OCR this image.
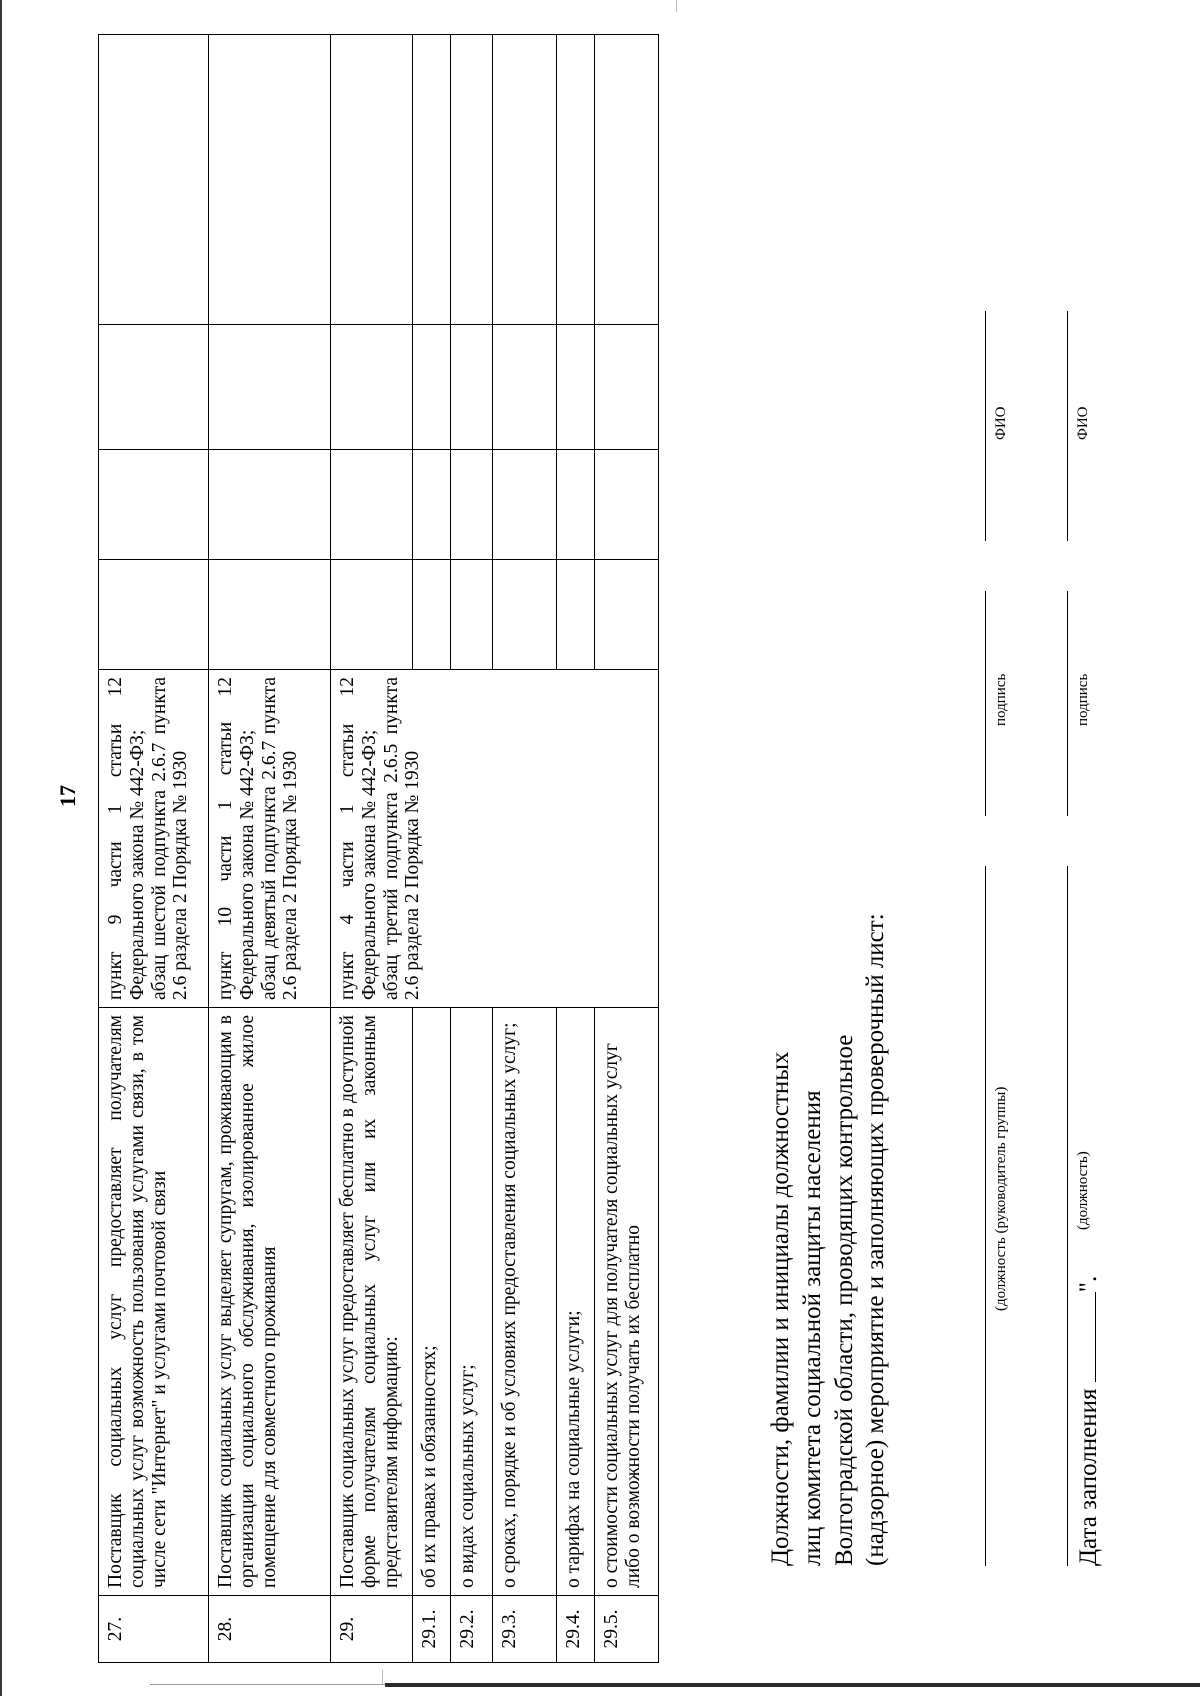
17
27.	Поставщик социальных услуг предоставляет получателям социальных услуг возможность пользования услугами связи, в том числе сети "Интернет" и услугами почтовой связи	пункт 9 части 1 статьи 12 Федерального закона № 442-ФЗ; абзац шестой подпункта 2.6.7 пункта 2.6 раздела 2 Порядка № 1930				

28.	Поставщик социальных услуг выделяет супругам, проживающим в организации социального обслуживания, изолированное жилое помещение для совместного проживания	пункт 10 части 1 статьи 12 Федерального закона № 442-ФЗ; абзац девятый подпункта 2.6.7 пункта 2.6 раздела 2 Порядка № 1930				

29.	Поставщик социальных услуг предоставляет бесплатно в доступной форме получателям социальных услуг или их законным представителям информацию:	пункт 4 части 1 статьи 12 Федерального закона № 442-ФЗ; абзац третий подпункта 2.6.5 пункта 2.6 раздела 2 Порядка № 1930				

29.1.	об их правах и обязанностях;					
29.2.	о видах социальных услуг;					
29.3.	о сроках, порядке и об условиях предоставления социальных услуг;					
29.4.	о тарифах на социальные услуги;					
29.5.	о стоимости социальных услуг для получателя социальных услуг либо о возможности получать их бесплатно						Должности, фамилии и инициалы должностных лиц комитета социальной защиты населения Волгоградской области, проводящих контрольное (надзорное) мероприятие и заполняющих проверочный лист:	(должность (руководитель группы)
подпись
ФИО
(должность)
подпись
ФИО
Дата заполнения ".
